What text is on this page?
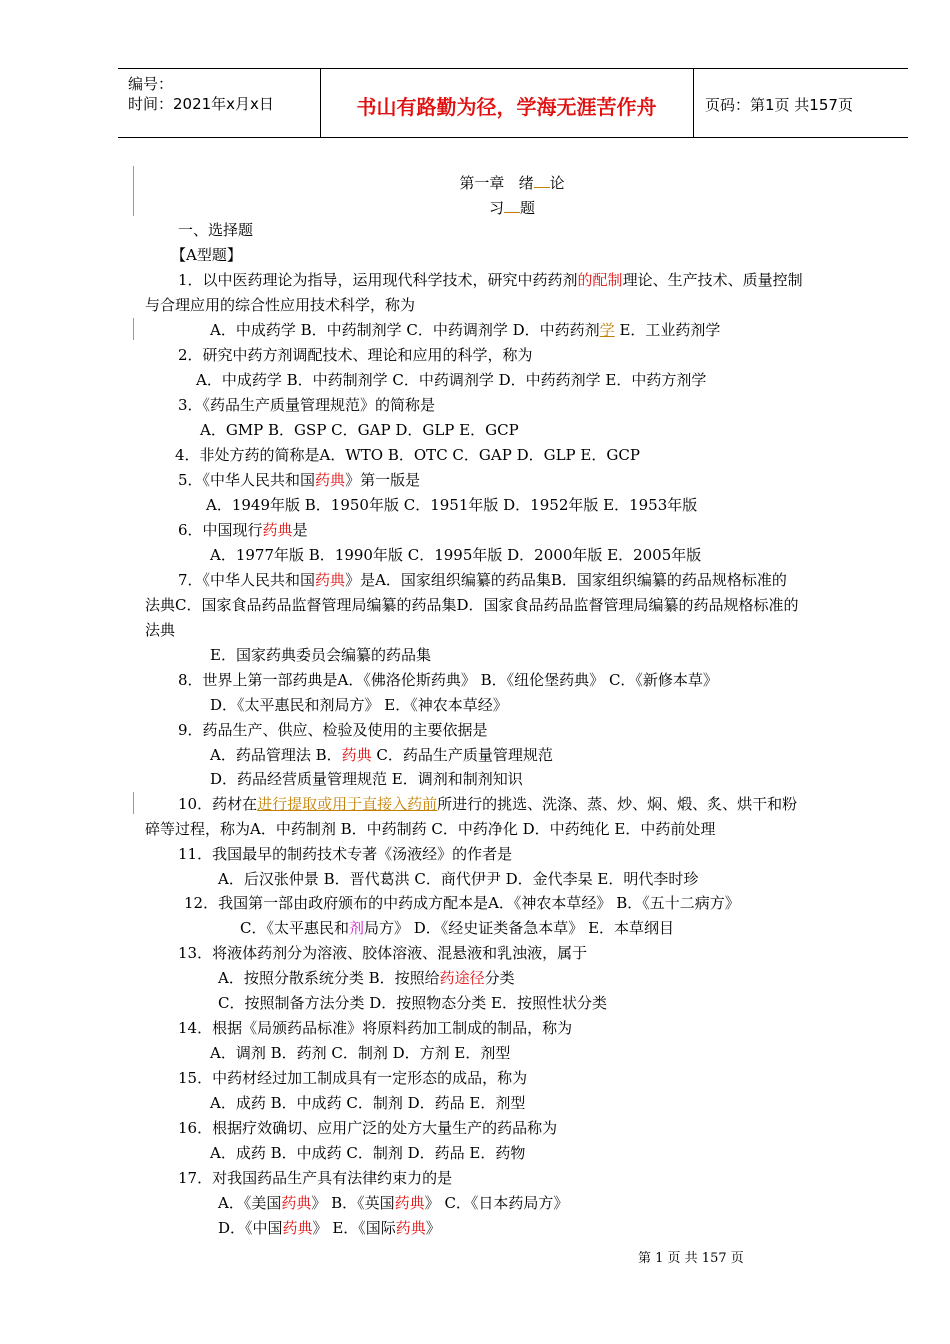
编号：
时间：2021年x月x日	书山有路勤为径，学海无涯苦作舟	页码：第1页 共157页
第一章 绪 论
习 题
一、选择题
【A型题】
1．以中医药理论为指导，运用现代科学技术，研究中药药剂的配制理论、生产技术、质量控制
与合理应用的综合性应用技术科学，称为
A．中成药学 B．中药制剂学 C．中药调剂学 D．中药药剂学 E．工业药剂学
2．研究中药方剂调配技术、理论和应用的科学，称为
A．中成药学 B．中药制剂学 C．中药调剂学 D．中药药剂学 E．中药方剂学
3．《药品生产质量管理规范》的简称是
A．GMP B．GSP C．GAP D．GLP E．GCP
4．非处方药的简称是A．WTO B．OTC C．GAP D．GLP E．GCP
5．《中华人民共和国药典》第一版是
A．1949年版 B．1950年版 C．1951年版 D．1952年版 E．1953年版
6．中国现行药典是
A．1977年版 B．1990年版 C．1995年版 D．2000年版 E．2005年版
7．《中华人民共和国药典》是A．国家组织编纂的药品集B．国家组织编纂的药品规格标准的
法典C．国家食品药品监督管理局编纂的药品集D．国家食品药品监督管理局编纂的药品规格标准的
法典
E．国家药典委员会编纂的药品集
8．世界上第一部药典是A．《佛洛伦斯药典》 B．《纽伦堡药典》 C．《新修本草》
D．《太平惠民和剂局方》 E．《神农本草经》
9．药品生产、供应、检验及使用的主要依据是
A．药品管理法 B．药典 C．药品生产质量管理规范
D．药品经营质量管理规范 E．调剂和制剂知识
10．药材在进行提取或用于直接入药前所进行的挑选、洗涤、蒸、炒、焖、煅、炙、烘干和粉
碎等过程，称为A．中药制剂 B．中药制药 C．中药净化 D．中药纯化 E．中药前处理
11．我国最早的制药技术专著《汤液经》的作者是
A．后汉张仲景 B．晋代葛洪 C．商代伊尹 D．金代李杲 E．明代李时珍
12．我国第一部由政府颁布的中药成方配本是A．《神农本草经》 B．《五十二病方》
C．《太平惠民和剂局方》 D．《经史证类备急本草》 E．本草纲目
13．将液体药剂分为溶液、胶体溶液、混悬液和乳浊液，属于
A．按照分散系统分类 B．按照给药途径分类
C．按照制备方法分类 D．按照物态分类 E．按照性状分类
14．根据《局颁药品标准》将原料药加工制成的制品，称为
A．调剂 B．药剂 C．制剂 D．方剂 E．剂型
15．中药材经过加工制成具有一定形态的成品，称为
A．成药 B．中成药 C．制剂 D．药品 E．剂型
16．根据疗效确切、应用广泛的处方大量生产的药品称为
A．成药 B．中成药 C．制剂 D．药品 E．药物
17．对我国药品生产具有法律约束力的是
A．《美国药典》 B．《英国药典》 C．《日本药局方》
D．《中国药典》 E．《国际药典》
第 1 页 共 157 页
